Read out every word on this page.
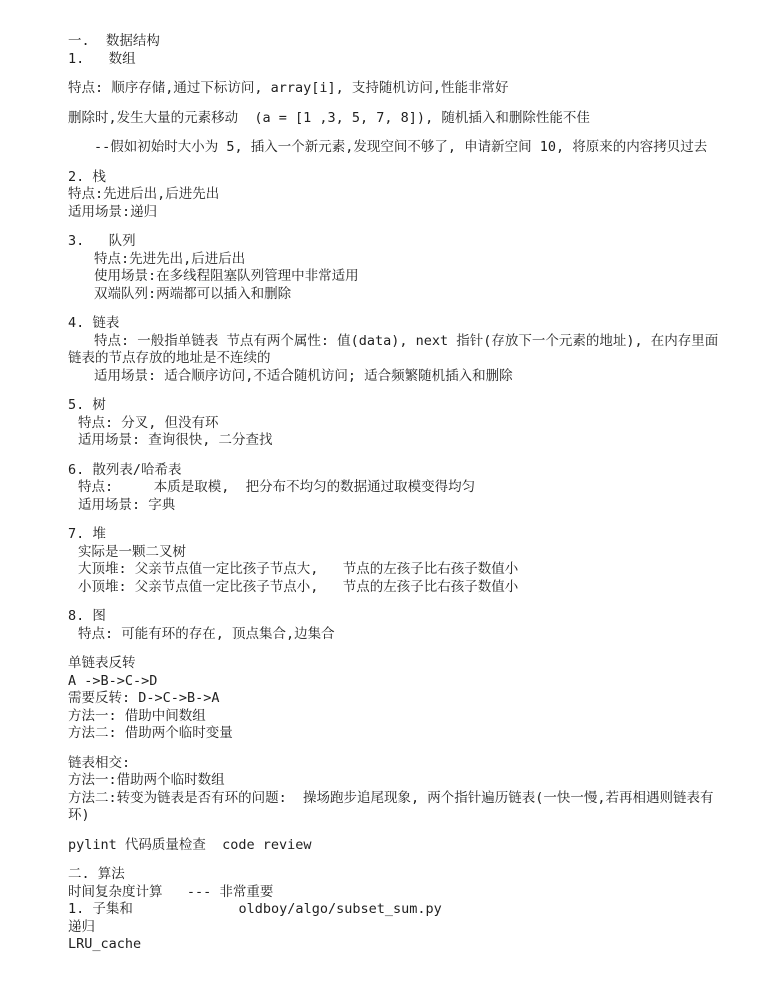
一.  数据结构
1.   数组
特点: 顺序存储,通过下标访问, array[i], 支持随机访问,性能非常好
删除时,发生大量的元素移动  (a = [1 ,3, 5, 7, 8]), 随机插入和删除性能不佳
--假如初始时大小为 5, 插入一个新元素,发现空间不够了, 申请新空间 10, 将原来的内容拷贝过去
2. 栈
特点:先进后出,后进先出
适用场景:递归
3.   队列
特点:先进先出,后进后出
使用场景:在多线程阻塞队列管理中非常适用
双端队列:两端都可以插入和删除
4. 链表
特点: 一般指单链表 节点有两个属性: 值(data), next 指针(存放下一个元素的地址), 在内存里面
链表的节点存放的地址是不连续的
适用场景: 适合顺序访问,不适合随机访问; 适合频繁随机插入和删除
5. 树
特点: 分叉, 但没有环
适用场景: 查询很快, 二分查找
6. 散列表/哈希表
特点:     本质是取模,  把分布不均匀的数据通过取模变得均匀
适用场景: 字典
7. 堆
实际是一颗二叉树
大顶堆: 父亲节点值一定比孩子节点大,   节点的左孩子比右孩子数值小
小顶堆: 父亲节点值一定比孩子节点小,   节点的左孩子比右孩子数值小
8. 图
特点: 可能有环的存在, 顶点集合,边集合
单链表反转
A ->B->C->D
需要反转: D->C->B->A
方法一: 借助中间数组
方法二: 借助两个临时变量
链表相交:
方法一:借助两个临时数组
方法二:转变为链表是否有环的问题:  操场跑步追尾现象, 两个指针遍历链表(一快一慢,若再相遇则链表有
环)
pylint 代码质量检查  code review
二. 算法
时间复杂度计算   --- 非常重要
1. 子集和             oldboy/algo/subset_sum.py
递归
LRU_cache
